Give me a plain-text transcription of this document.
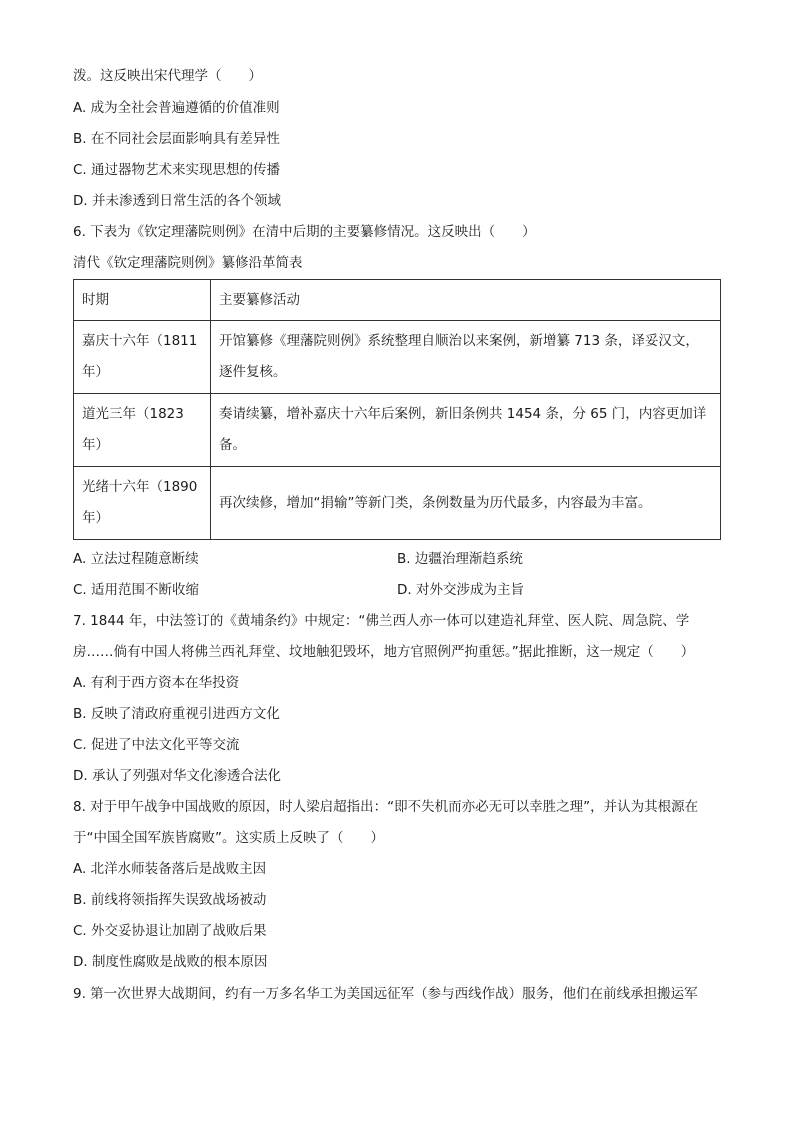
泼。这反映出宋代理学（　　）
A. 成为全社会普遍遵循的价值准则
B. 在不同社会层面影响具有差异性
C. 通过器物艺术来实现思想的传播
D. 并未渗透到日常生活的各个领域
6. 下表为《钦定理藩院则例》在清中后期的主要纂修情况。这反映出（　　）
清代《钦定理藩院则例》纂修沿革简表
时期	主要纂修活动
嘉庆十六年（1811年）	开馆纂修《理藩院则例》系统整理自顺治以来案例，新增纂 713 条，译妥汉文，逐件复核。
道光三年（1823年）	奏请续纂，增补嘉庆十六年后案例，新旧条例共 1454 条，分 65 门，内容更加详备。
光绪十六年（1890年）	再次续修，增加“捐输”等新门类，条例数量为历代最多，内容最为丰富。
A. 立法过程随意断续	B. 边疆治理渐趋系统
C. 适用范围不断收缩	D. 对外交涉成为主旨
7. 1844 年，中法签订的《黄埔条约》中规定：“佛兰西人亦一体可以建造礼拜堂、医人院、周急院、学
房……倘有中国人将佛兰西礼拜堂、坟地触犯毁坏，地方官照例严拘重惩。”据此推断，这一规定（　　）
A. 有利于西方资本在华投资
B. 反映了清政府重视引进西方文化
C. 促进了中法文化平等交流
D. 承认了列强对华文化渗透合法化
8. 对于甲午战争中国战败的原因，时人梁启超指出：“即不失机而亦必无可以幸胜之理”，并认为其根源在
于“中国全国军族皆腐败”。这实质上反映了（　　）
A. 北洋水师装备落后是战败主因
B. 前线将领指挥失误致战场被动
C. 外交妥协退让加剧了战败后果
D. 制度性腐败是战败的根本原因
9. 第一次世界大战期间，约有一万多名华工为美国远征军（参与西线作战）服务，他们在前线承担搬运军
